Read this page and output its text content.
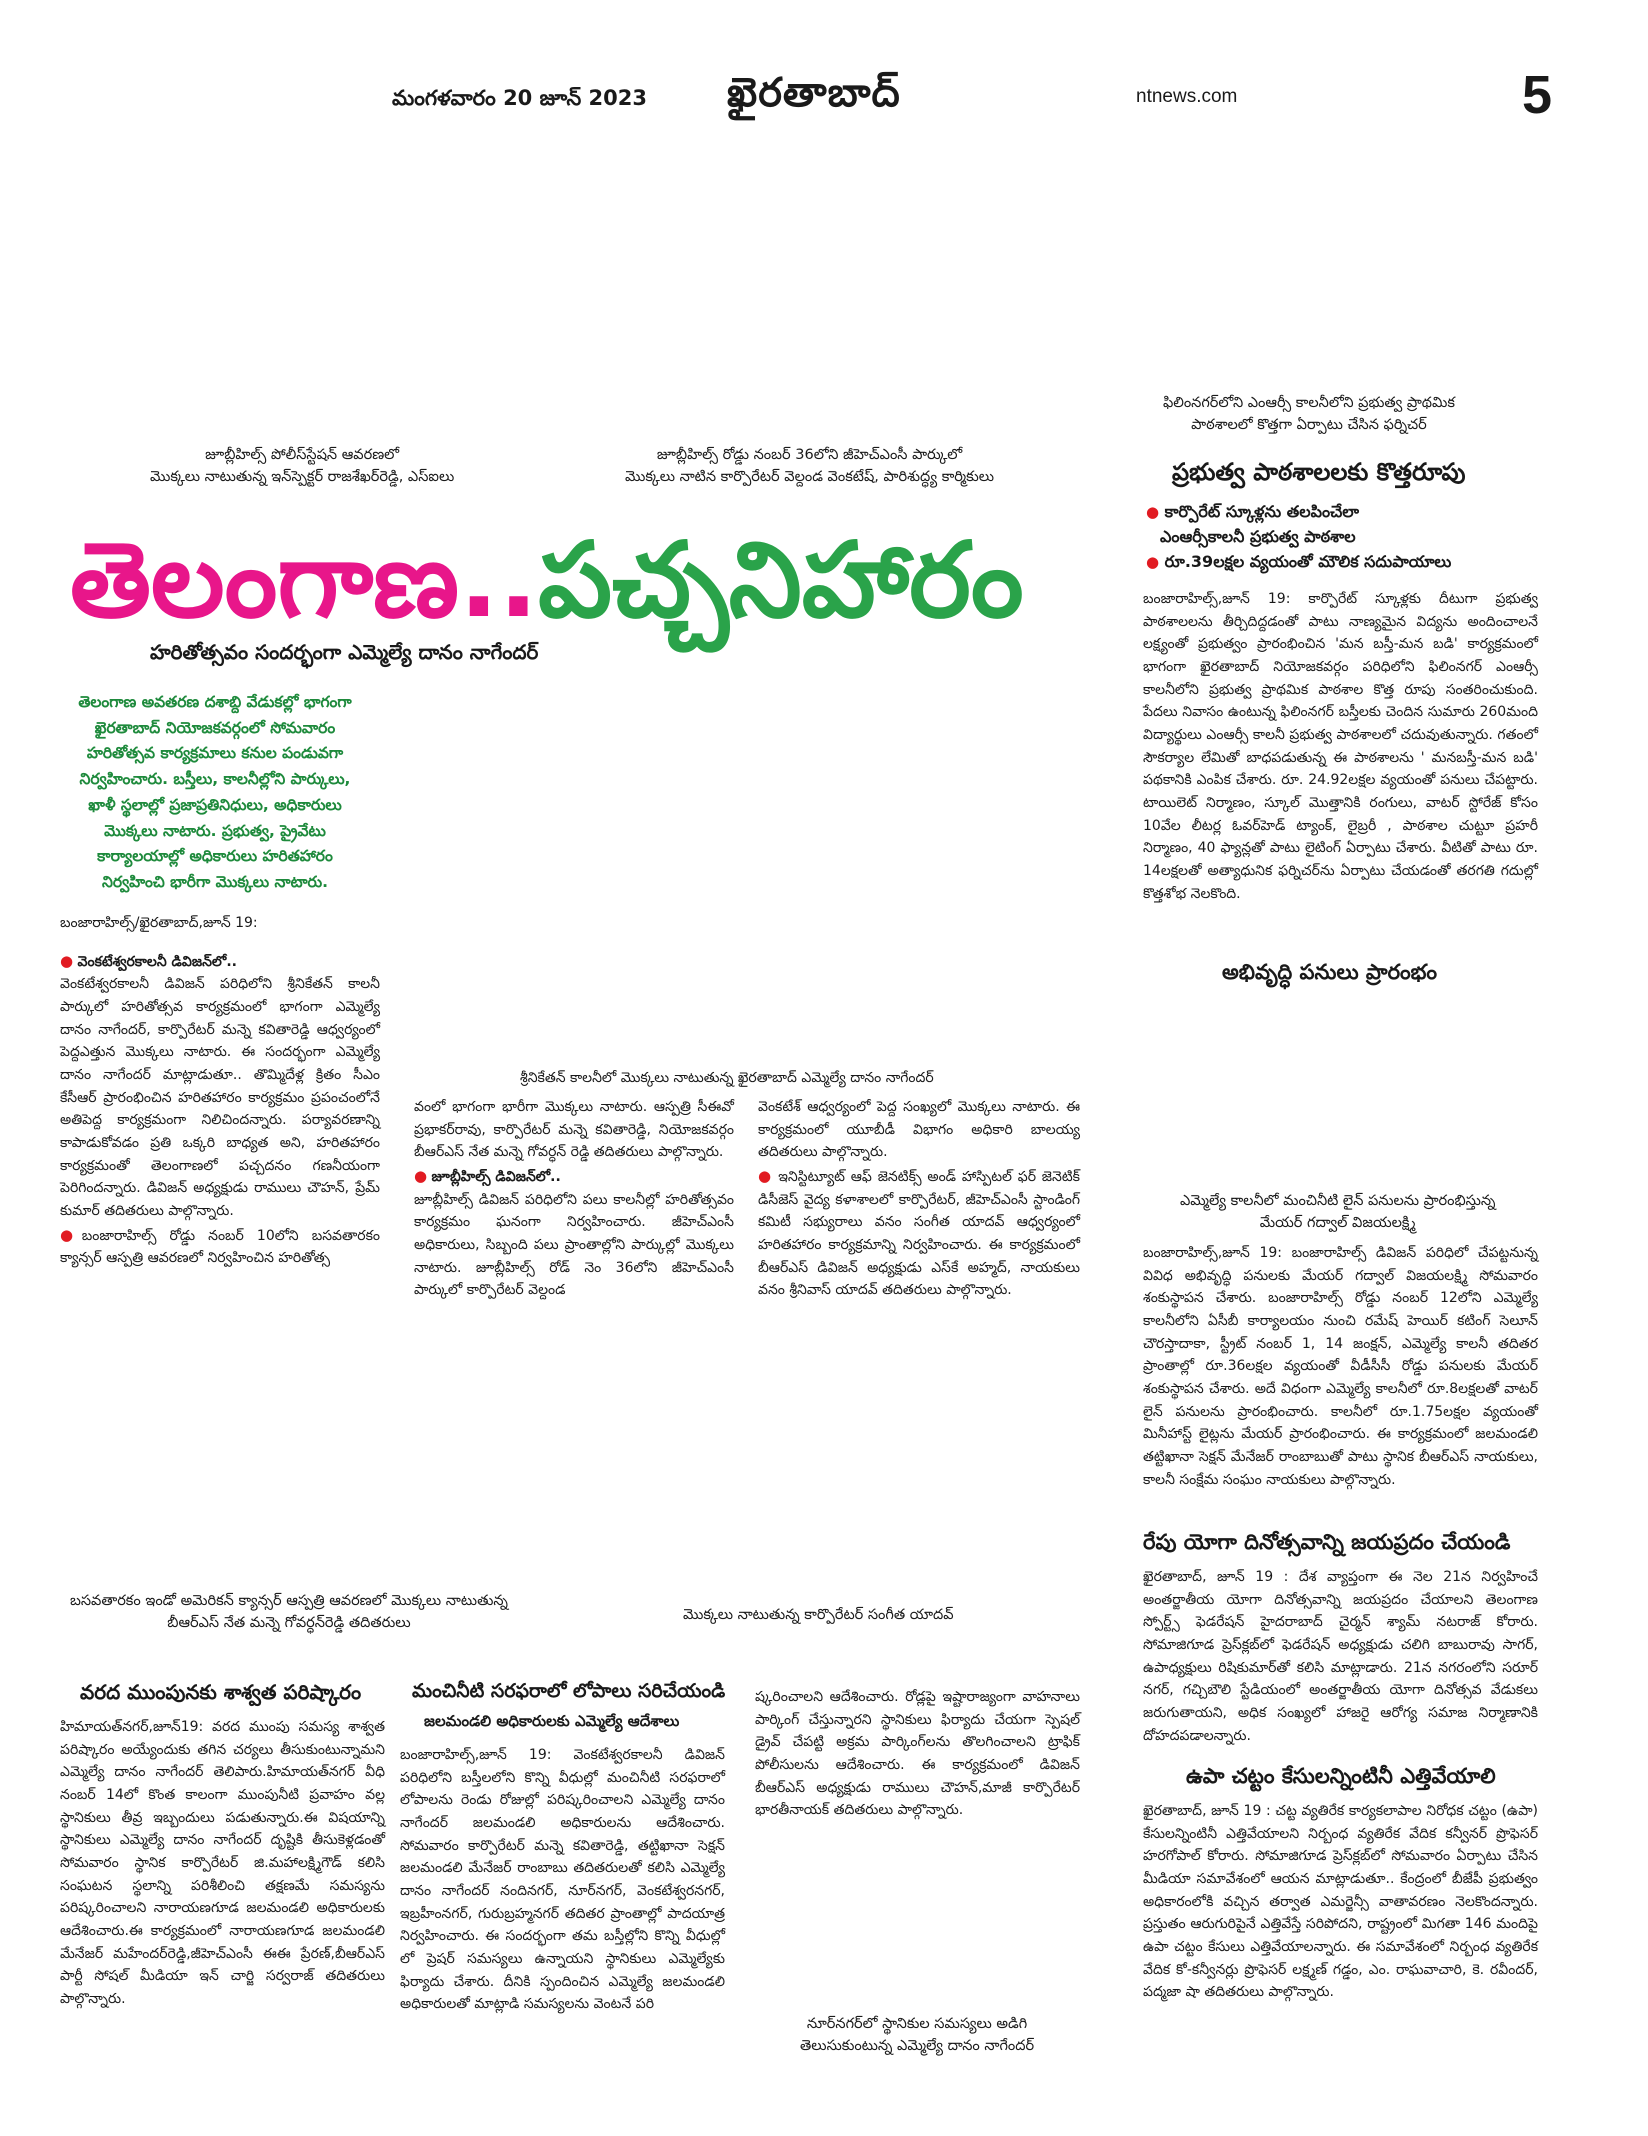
మంగళవారం 20 జూన్ 2023 ఖైరతాబాద్	ntnews.com	5
జూబ్లీహిల్స్ పోలీస్‌స్టేషన్ ఆవరణలో
మొక్కలు నాటుతున్న ఇన్‌స్పెక్టర్ రాజశేఖర్‌రెడ్డి, ఎస్ఐలు
జూబ్లీహిల్స్ రోడ్డు నంబర్ 36లోని జీహెచ్ఎంసీ పార్కులో
మొక్కలు నాటిన కార్పొరేటర్ వెల్దండ వెంకటేష్, పారిశుద్ధ్య కార్మికులు
ఫిలింనగర్‌లోని ఎంఆర్సీ కాలనీలోని ప్రభుత్వ ప్రాథమిక
పాఠశాలలో కొత్తగా ఏర్పాటు చేసిన ఫర్నిచర్
తెలంగాణ..పచ్చనిహారం
హరితోత్సవం సందర్భంగా ఎమ్మెల్యే దానం నాగేందర్
తెలంగాణ అవతరణ దశాబ్ది వేడుకల్లో భాగంగా ఖైరతాబాద్ నియోజకవర్గంలో సోమవారం హరితోత్సవ కార్యక్రమాలు కనుల పండువగా నిర్వహించారు. బస్తీలు, కాలనీల్లోని పార్కులు, ఖాళీ స్థలాల్లో ప్రజాప్రతినిధులు, అధికారులు మొక్కలు నాటారు. ప్రభుత్వ, ప్రైవేటు కార్యాలయాల్లో అధికారులు హరితహారం నిర్వహించి భారీగా మొక్కలు నాటారు.
బంజారాహిల్స్/ఖైరతాబాద్,జూన్ 19:
● వెంకటేశ్వరకాలనీ డివిజన్‌లో..
వెంకటేశ్వరకాలనీ డివిజన్ పరిధిలోని శ్రీనికేతన్ కాలనీ పార్కులో హరితోత్సవ కార్యక్రమంలో భాగంగా ఎమ్మెల్యే దానం నాగేందర్, కార్పొరేటర్ మన్నె కవితారెడ్డి ఆధ్వర్యంలో పెద్దఎత్తున మొక్కలు నాటారు. ఈ సందర్భంగా ఎమ్మెల్యే దానం నాగేందర్ మాట్లాడుతూ.. తొమ్మిదేళ్ల క్రితం సీఎం కేసీఆర్ ప్రారంభించిన హరితహారం కార్యక్రమం ప్రపంచంలోనే అతిపెద్ద కార్యక్రమంగా నిలిచిందన్నారు. పర్యావరణాన్ని కాపాడుకోవడం ప్రతి ఒక్కరి బాధ్యత అని, హరితహారం కార్యక్రమంతో తెలంగాణలో పచ్చదనం గణనీయంగా పెరిగిందన్నారు. డివిజన్ అధ్యక్షుడు రాములు చౌహన్, ప్రేమ్ కుమార్ తదితరులు పాల్గొన్నారు.
●బంజారాహిల్స్ రోడ్డు నంబర్ 10లోని బసవతారకం క్యాన్సర్ ఆస్పత్రి ఆవరణలో నిర్వహించిన హరితోత్స
శ్రీనికేతన్ కాలనీలో మొక్కలు నాటుతున్న ఖైరతాబాద్ ఎమ్మెల్యే దానం నాగేందర్
వంలో భాగంగా భారీగా మొక్కలు నాటారు. ఆస్పత్రి సీఈవో ప్రభాకర్‌రావు, కార్పొరేటర్ మన్నె కవితారెడ్డి, నియోజకవర్గం బీఆర్ఎస్ నేత మన్నె గోవర్ధన్ రెడ్డి తదితరులు పాల్గొన్నారు.
● జూబ్లీహిల్స్ డివిజన్‌లో..
జూబ్లీహిల్స్ డివిజన్ పరిధిలోని పలు కాలనీల్లో హరితోత్సవం కార్యక్రమం ఘనంగా నిర్వహించారు. జీహెచ్ఎంసీ అధికారులు, సిబ్బంది పలు ప్రాంతాల్లోని పార్కుల్లో మొక్కలు నాటారు. జూబ్లీహిల్స్ రోడ్ నెం 36లోని జీహెచ్ఎంసీ పార్కులో కార్పొరేటర్ వెల్దండ
వెంకటేశ్ ఆధ్వర్యంలో పెద్ద సంఖ్యలో మొక్కలు నాటారు. ఈ కార్యక్రమంలో యూబీడీ విభాగం అధికారి బాలయ్య తదితరులు పాల్గొన్నారు.
● ఇనిస్టిట్యూట్ ఆఫ్ జెనటిక్స్ అండ్ హాస్పిటల్ ఫర్ జెనెటిక్ డిసీజెస్ వైద్య కళాశాలలో కార్పొరేటర్, జీహెచ్ఎంసీ స్టాండింగ్ కమిటీ సభ్యురాలు వనం సంగీత యాదవ్ ఆధ్వర్యంలో హరితహారం కార్యక్రమాన్ని నిర్వహించారు. ఈ కార్యక్రమంలో బీఆర్ఎస్ డివిజన్ అధ్యక్షుడు ఎస్‌కే అహ్మద్, నాయకులు వనం శ్రీనివాస్ యాదవ్ తదితరులు పాల్గొన్నారు.
ప్రభుత్వ పాఠశాలలకు కొత్తరూపు
● కార్పొరేట్ స్కూళ్లను తలపించేలా
ఎంఆర్సీకాలనీ ప్రభుత్వ పాఠశాల
● రూ.39లక్షల వ్యయంతో మౌలిక సదుపాయాలు
బంజారాహిల్స్,జూన్ 19: కార్పొరేట్ స్కూళ్లకు దీటుగా ప్రభుత్వ పాఠశాలలను తీర్చిదిద్దడంతో పాటు నాణ్యమైన విద్యను అందించాలనే లక్ష్యంతో ప్రభుత్వం ప్రారంభించిన 'మన బస్తీ-మన బడి' కార్యక్రమంలో భాగంగా ఖైరతాబాద్ నియోజకవర్గం పరిధిలోని ఫిలింనగర్ ఎంఆర్సీ కాలనీలోని ప్రభుత్వ ప్రాథమిక పాఠశాల కొత్త రూపు సంతరించుకుంది. పేదలు నివాసం ఉంటున్న ఫిలింనగర్ బస్తీలకు చెందిన సుమారు 260మంది విద్యార్థులు ఎంఆర్సీ కాలనీ ప్రభుత్వ పాఠశాలలో చదువుతున్నారు. గతంలో సౌకర్యాల లేమితో బాధపడుతున్న ఈ పాఠశాలను ' మనబస్తీ-మన బడి' పథకానికి ఎంపిక చేశారు. రూ. 24.92లక్షల వ్యయంతో పనులు చేపట్టారు. టాయిలెట్ నిర్మాణం, స్కూల్ మొత్తానికి రంగులు, వాటర్ స్టోరేజ్ కోసం 10వేల లీటర్ల ఓవర్‌హెడ్ ట్యాంక్, లైబ్రరీ , పాఠశాల చుట్టూ ప్రహరీ నిర్మాణం, 40 ఫ్యాన్లతో పాటు లైటింగ్ ఏర్పాటు చేశారు. వీటితో పాటు రూ. 14లక్షలతో అత్యాధునిక ఫర్నిచర్‌ను ఏర్పాటు చేయడంతో తరగతి గదుల్లో కొత్తశోభ నెలకొంది.
అభివృద్ధి పనులు ప్రారంభం
ఎమ్మెల్యే కాలనీలో మంచినీటి లైన్ పనులను ప్రారంభిస్తున్న
మేయర్ గద్వాల్ విజయలక్ష్మి
బంజారాహిల్స్,జూన్ 19: బంజారాహిల్స్ డివిజన్ పరిధిలో చేపట్టనున్న వివిధ అభివృద్ధి పనులకు మేయర్ గద్వాల్ విజయలక్ష్మి సోమవారం శంకుస్థాపన చేశారు. బంజారాహిల్స్ రోడ్డు నంబర్ 12లోని ఎమ్మెల్యే కాలనీలోని ఏసీబీ కార్యాలయం నుంచి రమేష్ హెయిర్ కటింగ్ సెలూన్ చౌరస్తాదాకా, స్ట్రీట్ నంబర్ 1, 14 జంక్షన్, ఎమ్మెల్యే కాలనీ తదితర ప్రాంతాల్లో రూ.36లక్షల వ్యయంతో వీడీసీసీ రోడ్డు పనులకు మేయర్ శంకుస్థాపన చేశారు. అదే విధంగా ఎమ్మెల్యే కాలనీలో రూ.8లక్షలతో వాటర్ లైన్ పనులను ప్రారంభించారు. కాలనీలో రూ.1.75లక్షల వ్యయంతో మినీహాస్ట్ లైట్లను మేయర్ ప్రారంభించారు. ఈ కార్యక్రమంలో జలమండలి తట్టిఖానా సెక్షన్ మేనేజర్ రాంబాబుతో పాటు స్థానిక బీఆర్ఎస్ నాయకులు, కాలనీ సంక్షేమ సంఘం నాయకులు పాల్గొన్నారు.
రేపు యోగా దినోత్సవాన్ని జయప్రదం చేయండి
ఖైరతాబాద్, జూన్ 19 : దేశ వ్యాప్తంగా ఈ నెల 21న నిర్వహించే అంతర్జాతీయ యోగా దినోత్సవాన్ని జయప్రదం చేయాలని తెలంగాణ స్పోర్ట్స్ ఫెడరేషన్ హైదరాబాద్ చైర్మన్ శ్యామ్ నటరాజ్ కోరారు. సోమాజిగూడ ప్రెస్‌క్లబ్‌లో ఫెడరేషన్ అధ్యక్షుడు చలిగి బాబురావు సాగర్, ఉపాధ్యక్షులు రిషికుమార్‌తో కలిసి మాట్లాడారు. 21న నగరంలోని సరూర్ నగర్, గచ్చిబౌలి స్టేడియంలో అంతర్జాతీయ యోగా దినోత్సవ వేడుకలు జరుగుతాయని, అధిక సంఖ్యలో హాజరై ఆరోగ్య సమాజ నిర్మాణానికి దోహదపడాలన్నారు.
ఉపా చట్టం కేసులన్నింటినీ ఎత్తివేయాలి
ఖైరతాబాద్, జూన్ 19 : చట్ట వ్యతిరేక కార్యకలాపాల నిరోధక చట్టం (ఉపా) కేసులన్నింటినీ ఎత్తివేయాలని నిర్బంధ వ్యతిరేక వేదిక కన్వీనర్ ప్రొఫెసర్ హరగోపాల్ కోరారు. సోమాజిగూడ ప్రెస్‌క్లబ్‌లో సోమవారం ఏర్పాటు చేసిన మీడియా సమావేశంలో ఆయన మాట్లాడుతూ.. కేంద్రంలో బీజేపీ ప్రభుత్వం అధికారంలోకి వచ్చిన తర్వాత ఎమర్జెన్సీ వాతావరణం నెలకొందన్నారు. ప్రస్తుతం ఆరుగురిపైనే ఎత్తివేస్తే సరిపోదని, రాష్ట్రంలో మిగతా 146 మందిపై ఉపా చట్టం కేసులు ఎత్తివేయాలన్నారు. ఈ సమావేశంలో నిర్బంధ వ్యతిరేక వేదిక కో-కన్వీనర్లు ప్రొఫెసర్ లక్ష్మణ్ గడ్డం, ఎం. రాఘవాచారి, కె. రవీందర్, పద్మజా షా తదితరులు పాల్గొన్నారు.
బసవతారకం ఇండో అమెరికన్ క్యాన్సర్ ఆస్పత్రి ఆవరణలో మొక్కలు నాటుతున్న
బీఆర్ఎస్ నేత మన్నె గోవర్ధన్‌రెడ్డి తదితరులు
మొక్కలు నాటుతున్న కార్పొరేటర్ సంగీత యాదవ్
వరద ముంపునకు శాశ్వత పరిష్కారం
హిమాయత్‌నగర్,జూన్19: వరద ముంపు సమస్య శాశ్వత పరిష్కారం అయ్యేందుకు తగిన చర్యలు తీసుకుంటున్నామని ఎమ్మెల్యే దానం నాగేందర్ తెలిపారు.హిమాయత్‌నగర్ వీధి నంబర్ 14లో కొంత కాలంగా ముంపునీటి ప్రవాహం వల్ల స్థానికులు తీవ్ర ఇబ్బందులు పడుతున్నారు.ఈ విషయాన్ని స్థానికులు ఎమ్మెల్యే దానం నాగేందర్ దృష్టికి తీసుకెళ్లడంతో సోమవారం స్థానిక కార్పొరేటర్ జి.మహాలక్ష్మిగౌడ్ కలిసి సంఘటన స్థలాన్ని పరిశీలించి తక్షణమే సమస్యను పరిష్కరించాలని నారాయణగూడ జలమండలి అధికారులకు ఆదేశించారు.ఈ కార్యక్రమంలో నారాయణగూడ జలమండలి మేనేజర్ మహేందర్‌రెడ్డి,జీహెచ్ఎంసీ ఈఈ ప్రేరణ్,బీఆర్ఎస్ పార్టీ సోషల్ మీడియా ఇన్ చార్జి సర్వరాజ్ తదితరులు పాల్గొన్నారు.
మంచినీటి సరఫరాలో లోపాలు సరిచేయండి
జలమండలి అధికారులకు ఎమ్మెల్యే ఆదేశాలు
బంజారాహిల్స్,జూన్ 19: వెంకటేశ్వరకాలనీ డివిజన్ పరిధిలోని బస్తీలలోని కొన్ని వీధుల్లో మంచినీటి సరఫరాలో లోపాలను రెండు రోజుల్లో పరిష్కరించాలని ఎమ్మెల్యే దానం నాగేందర్ జలమండలి అధికారులను ఆదేశించారు. సోమవారం కార్పొరేటర్ మన్నె కవితారెడ్డి, తట్టిఖానా సెక్షన్ జలమండలి మేనేజర్ రాంబాబు తదితరులతో కలిసి ఎమ్మెల్యే దానం నాగేందర్ నందినగర్, నూర్‌నగర్, వెంకటేశ్వరనగర్, ఇబ్రహీంనగర్, గురుబ్రహ్మనగర్ తదితర ప్రాంతాల్లో పాదయాత్ర నిర్వహించారు. ఈ సందర్భంగా తమ బస్తీల్లోని కొన్ని వీధుల్లో లో ప్రెషర్ సమస్యలు ఉన్నాయని స్థానికులు ఎమ్మెల్యేకు ఫిర్యాదు చేశారు. దీనికి స్పందించిన ఎమ్మెల్యే జలమండలి అధికారులతో మాట్లాడి సమస్యలను వెంటనే పరి
ష్కరించాలని ఆదేశించారు. రోడ్లపై ఇష్టారాజ్యంగా వాహనాలు పార్కింగ్ చేస్తున్నారని స్థానికులు ఫిర్యాదు చేయగా స్పెషల్ డ్రైవ్ చేపట్టి అక్రమ పార్కింగ్‌లను తొలగించాలని ట్రాఫిక్ పోలీసులను ఆదేశించారు. ఈ కార్యక్రమంలో డివిజన్ బీఆర్ఎస్ అధ్యక్షుడు రాములు చౌహన్,మాజీ కార్పొరేటర్ భారతీనాయక్ తదితరులు పాల్గొన్నారు.
నూర్‌నగర్‌లో స్థానికుల సమస్యలు అడిగి
తెలుసుకుంటున్న ఎమ్మెల్యే దానం నాగేందర్
